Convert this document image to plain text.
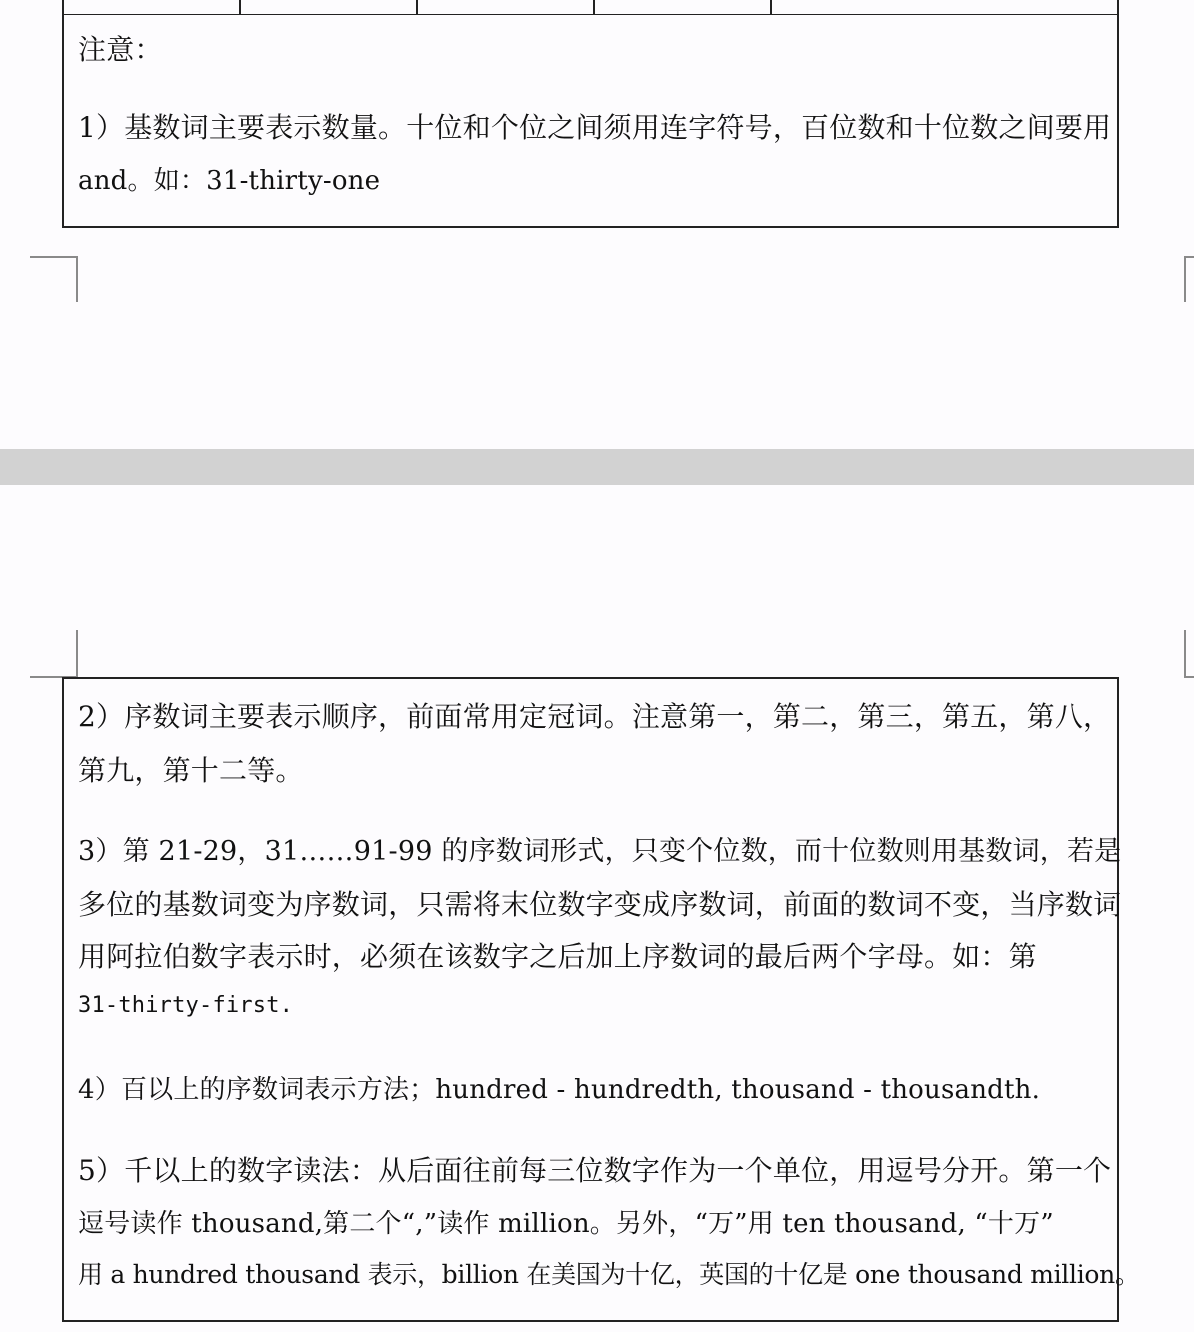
注意：
1）基数词主要表示数量。十位和个位之间须用连字符号，百位数和十位数之间要用
and。如：31-thirty-one
2）序数词主要表示顺序，前面常用定冠词。注意第一，第二，第三，第五，第八，
第九，第十二等。
3）第 21-29，31……91-99 的序数词形式，只变个位数，而十位数则用基数词，若是
多位的基数词变为序数词，只需将末位数字变成序数词，前面的数词不变，当序数词
用阿拉伯数字表示时，必须在该数字之后加上序数词的最后两个字母。如：第
31-thirty-first.
4）百以上的序数词表示方法；hundred - hundredth, thousand - thousandth.
5）千以上的数字读法：从后面往前每三位数字作为一个单位，用逗号分开。第一个
逗号读作 thousand,第二个“,”读作 million。另外，“万”用 ten thousand, “十万”
用 a hundred thousand 表示，billion 在美国为十亿，英国的十亿是 one thousand million。
